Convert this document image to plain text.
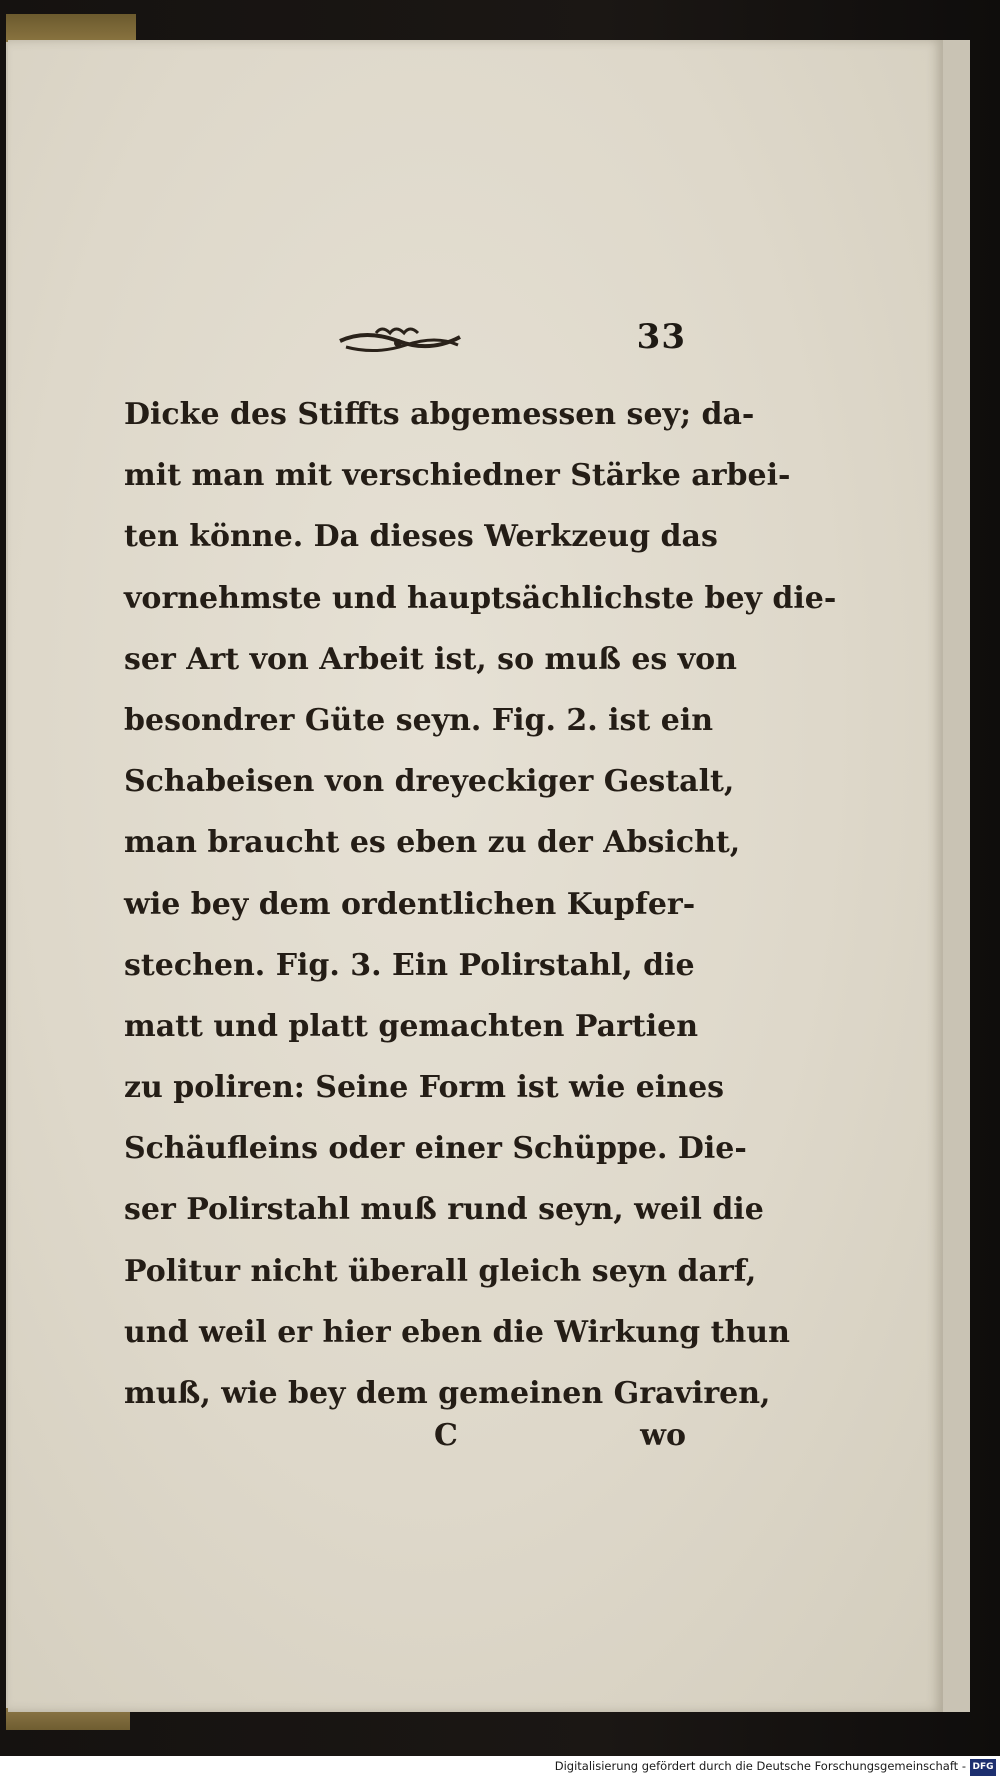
33
Dicke des Stiffts abgemessen sey; da-
mit man mit verschiedner Stärke arbei-
ten könne. Da dieses Werkzeug das
vornehmste und hauptsächlichste bey die-
ser Art von Arbeit ist, so muß es von
besondrer Güte seyn. Fig. 2. ist ein
Schabeisen von dreyeckiger Gestalt,
man braucht es eben zu der Absicht,
wie bey dem ordentlichen Kupfer-
stechen. Fig. 3. Ein Polirstahl, die
matt und platt gemachten Partien
zu poliren: Seine Form ist wie eines
Schäufleins oder einer Schüppe. Die-
ser Polirstahl muß rund seyn, weil die
Politur nicht überall gleich seyn darf,
und weil er hier eben die Wirkung thun
muß, wie bey dem gemeinen Graviren,
C	wo
Digitalisierung gefördert durch die Deutsche Forschungsgemeinschaft - DFG
